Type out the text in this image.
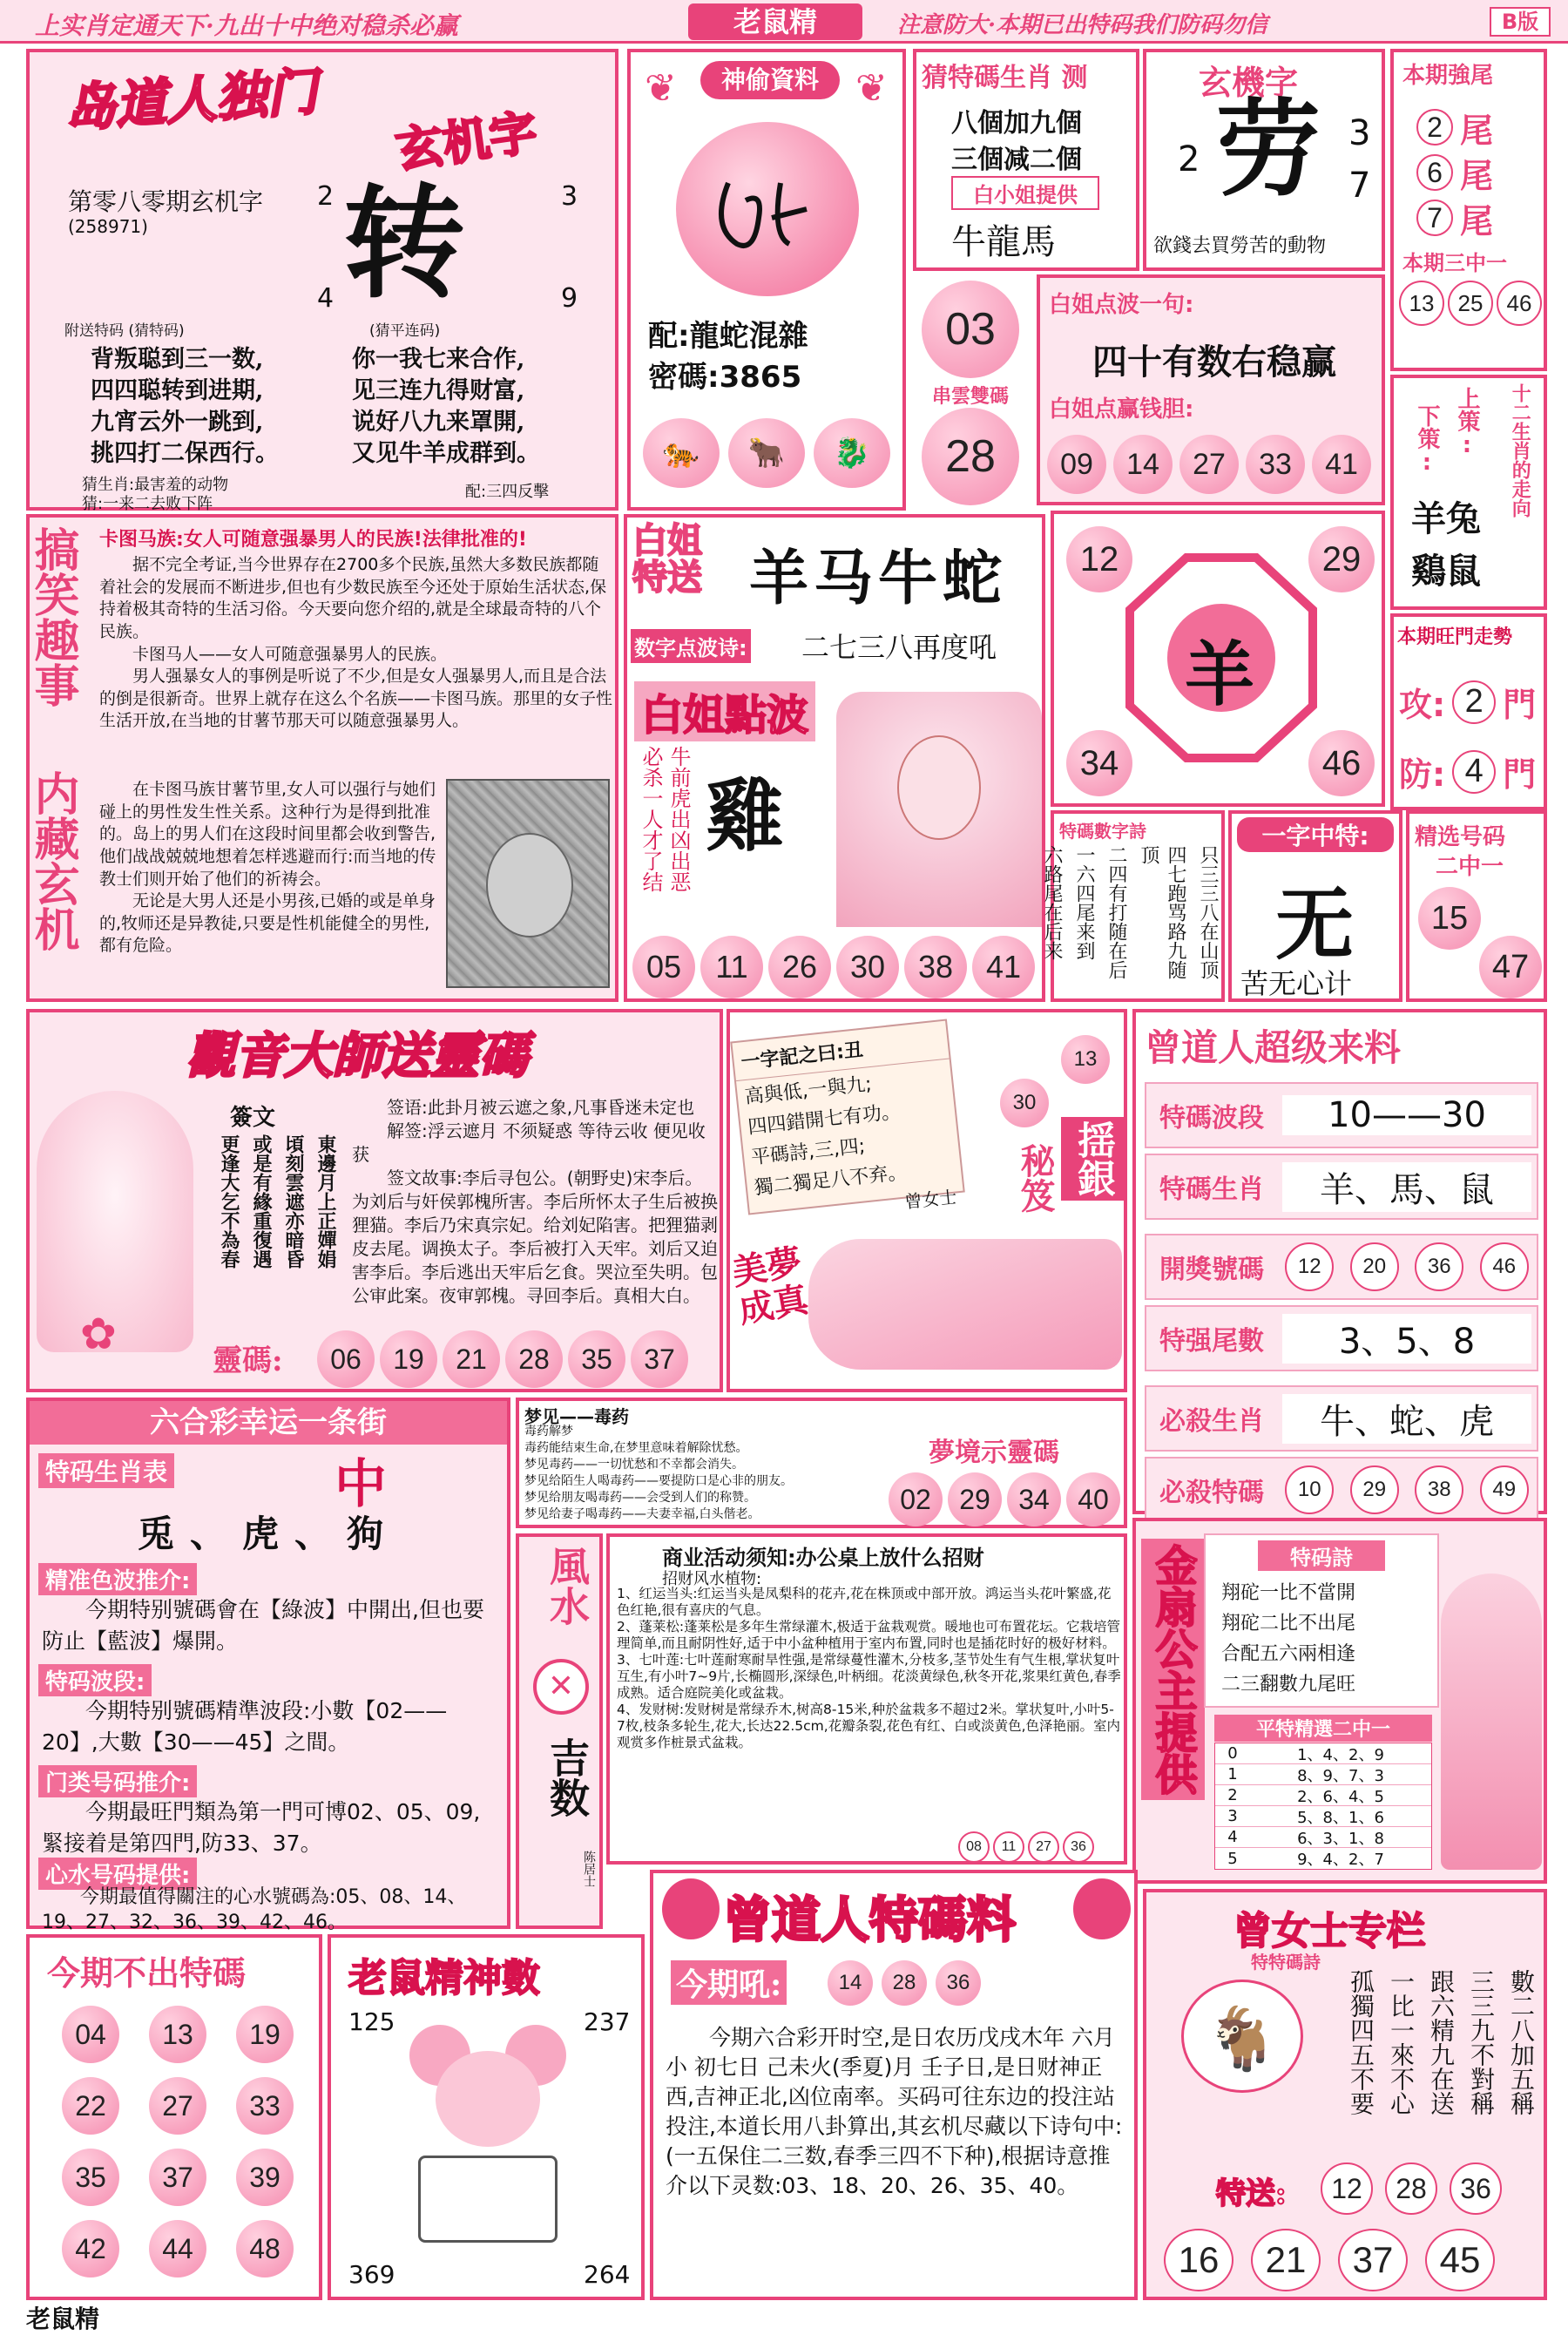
上实肖定通天下·九出十中绝对稳杀必赢	老鼠精	注意防大·本期已出特码我们防码勿信	B版
岛道人独门
玄机字
第零八零期玄机字
(258971) 转
2	3
4	9
附送特码 (猜特码)
背叛聪到三一数,
四四聪转到进期,
九宵云外一跳到,
挑四打二保西行。
猜生肖:最害羞的动物
猜:一来二去败下阵
(猜平连码)
你一我七来合作,
见三连九得财富,
说好八九来罩開,
又见牛羊成群到。
配:三四反擊
神偷資料
❦	❦
配:龍蛇混雜
密碼:3865
🐅	🐂	🐉
03
串雲雙碼
28
猜特碼生肖 测
八個加九個
三個减二個
白小姐提供
牛龍馬
玄機字
劳
2
3
7
欲錢去買勞苦的動物
本期強尾
2 尾
6 尾
7 尾
本期三中一
13	25	46
白姐点波一句:
四十有数右稳赢
白姐点赢钱胆:
09	14	27	33	41
上策:
下策:	十二生肖的走向
羊兔
鷄鼠
搞笑趣事
内藏玄机
卡图马族:女人可随意强暴男人的民族!法律批准的!

据不完全考证,当今世界存在2700多个民族,虽然大多数民族都随着社会的发展而不断进步,但也有少数民族至今还处于原始生活状态,保持着极其奇特的生活习俗。今天要向您介绍的,就是全球最奇特的八个民族。

卡图马人——女人可随意强暴男人的民族。

男人强暴女人的事例是听说了不少,但是女人强暴男人,而且是合法的倒是很新奇。世界上就存在这么个名族——卡图马族。那里的女子性生活开放,在当地的甘薯节那天可以随意强暴男人。

在卡图马族甘薯节里,女人可以强行与她们碰上的男性发生性关系。这种行为是得到批准的。岛上的男人们在这段时间里都会收到警告,他们战战兢兢地想着怎样逃避而行:而当地的传教士们则开始了他们的祈祷会。

无论是大男人还是小男孩,已婚的或是单身的,牧师还是异教徒,只要是性机能健全的男性,都有危险。

白姐特送 羊马牛蛇
数字点波诗: 二七三八再度吼
白姐點波
必杀一人才了结 牛前虎出凶出恶 雞
05	11	26	30	38	41
12	29
34	46
羊	本期旺門走勢
攻: 2 門
防: 4 門
特碼數字詩
只三三八在山顶
四七跑骂路九随顶
二四有打随在后
一六四尾来到
六路尾在后来
一字中特:
无
苦无心计
精选号码
二中一
15
47
觀音大師送靈碼
✿
簽文
東邊月上正嬋娟
頃刻雲遮亦暗昏
或是有緣重復遇
更逢大乞不為春

签语:此卦月被云遮之象,凡事昏迷未定也

解签:浮云遮月 不须疑惑 等待云收 便见收获

签文故事:李后寻包公。(朝野史)宋李后。为刘后与奸侯郭槐所害。李后所怀太子生后被换狸猫。李后乃宋真宗妃。给刘妃陷害。把狸猫剥皮去尾。调换太子。李后被打入天牢。刘后又迫害李后。李后逃出天牢后乞食。哭泣至失明。包公审此案。夜审郭槐。寻回李后。真相大白。

靈碼:	06	19	21	28	35	37
一字記之曰:丑
高與低,一與九;
四四錯開七有功。
平碼詩,三,四;
獨二獨足八不弃。
曾女士
30
13
秘笈 揺銀
美夢成真
曾道人超级来料
特碼波段	10——30
特碼生肖	羊、馬、鼠
開獎號碼	12	20	36	46
特强尾數	3、5、8
必殺生肖	牛、蛇、虎
必殺特碼	10	29	38	49
六合彩幸运一条街
中
特码生肖表
兎、虎、狗
精准色波推介:
今期特别號碼會在【綠波】中開出,但也要防止【藍波】爆開。
特码波段:
今期特别號碼精準波段:小數【02——20】,大數【30——45】之間。
门类号码推介:
今期最旺門類為第一門可博02、05、09,緊接着是第四門,防33、37。
心水号码提供:
今期最值得關注的心水號碼為:05、08、14、19、27、32、36、39、42、46。
梦见——毒药
毒药解梦
毒药能结束生命,在梦里意味着解除忧愁。
梦见毒药——一切忧愁和不幸都会消失。
梦见给陌生人喝毒药——要提防口是心非的朋友。
梦见给朋友喝毒药——会受到人们的称赞。
梦见给妻子喝毒药——夫妻幸福,白头偕老。
夢境示靈碼
02	29	34	40
風水
✕
吉数
陈居士
商业活动须知:办公桌上放什么招财
招财风水植物:

1、红运当头:红运当头是凤梨科的花卉,花在株顶或中部开放。鸿运当头花叶繁盛,花色红艳,很有喜庆的气息。

2、蓬莱松:蓬莱松是多年生常绿灌木,极适于盆栽观赏。暖地也可布置花坛。它栽培管理简单,而且耐阴性好,适于中小盆种植用于室内布置,同时也是插花时好的极好材料。

3、七叶莲:七叶莲耐寒耐旱性强,是常绿蔓性灌木,分枝多,茎节处生有气生根,掌状复叶互生,有小叶7~9片,长椭圆形,深绿色,叶柄细。花淡黄绿色,秋冬开花,浆果红黄色,春季成熟。适合庭院美化或盆栽。

4、发财树:发财树是常绿乔木,树高8-15米,种於盆栽多不超过2米。掌状复叶,小叶5-7枚,枝条多轮生,花大,长达22.5cm,花瓣条裂,花色有红、白或淡黄色,色泽艳丽。室内观赏多作桩景式盆栽。

08	11	27	36
金扇公主提供	特码詩
翔砣一比不當開
翔砣二比不出尾
合配五六兩相逢
二三翻數九尾旺
平特精選二中一
0	1、4、2、9
1	8、9、7、3
2	2、6、4、5
3	5、8、1、6
4	6、3、1、8
5	9、4、2、7
今期不出特碼
04	13	19
22	27	33
35	37	39
42	44	48
老鼠精神數
125	237
369	264
曾道人特碼料
今期吼:	14	28	36
今期六合彩开时空,是日农历戊戌木年 六月小 初七日 己未火(季夏)月 壬子日,是日财神正西,吉神正北,凶位南率。买码可往东边的投注站投注,本道长用八卦算出,其玄机尽藏以下诗句中:(一五保住二三数,春季三四不下种),根据诗意推介以下灵数:03、18、20、26、35、40。
曾女士专栏
特特碼詩
🐐	數二八加五稱
三三九不對稱
跟六精九在送
一比一來不心
孤獨四五不要
特送:	12	28	36
16	21	37	45
老鼠精
